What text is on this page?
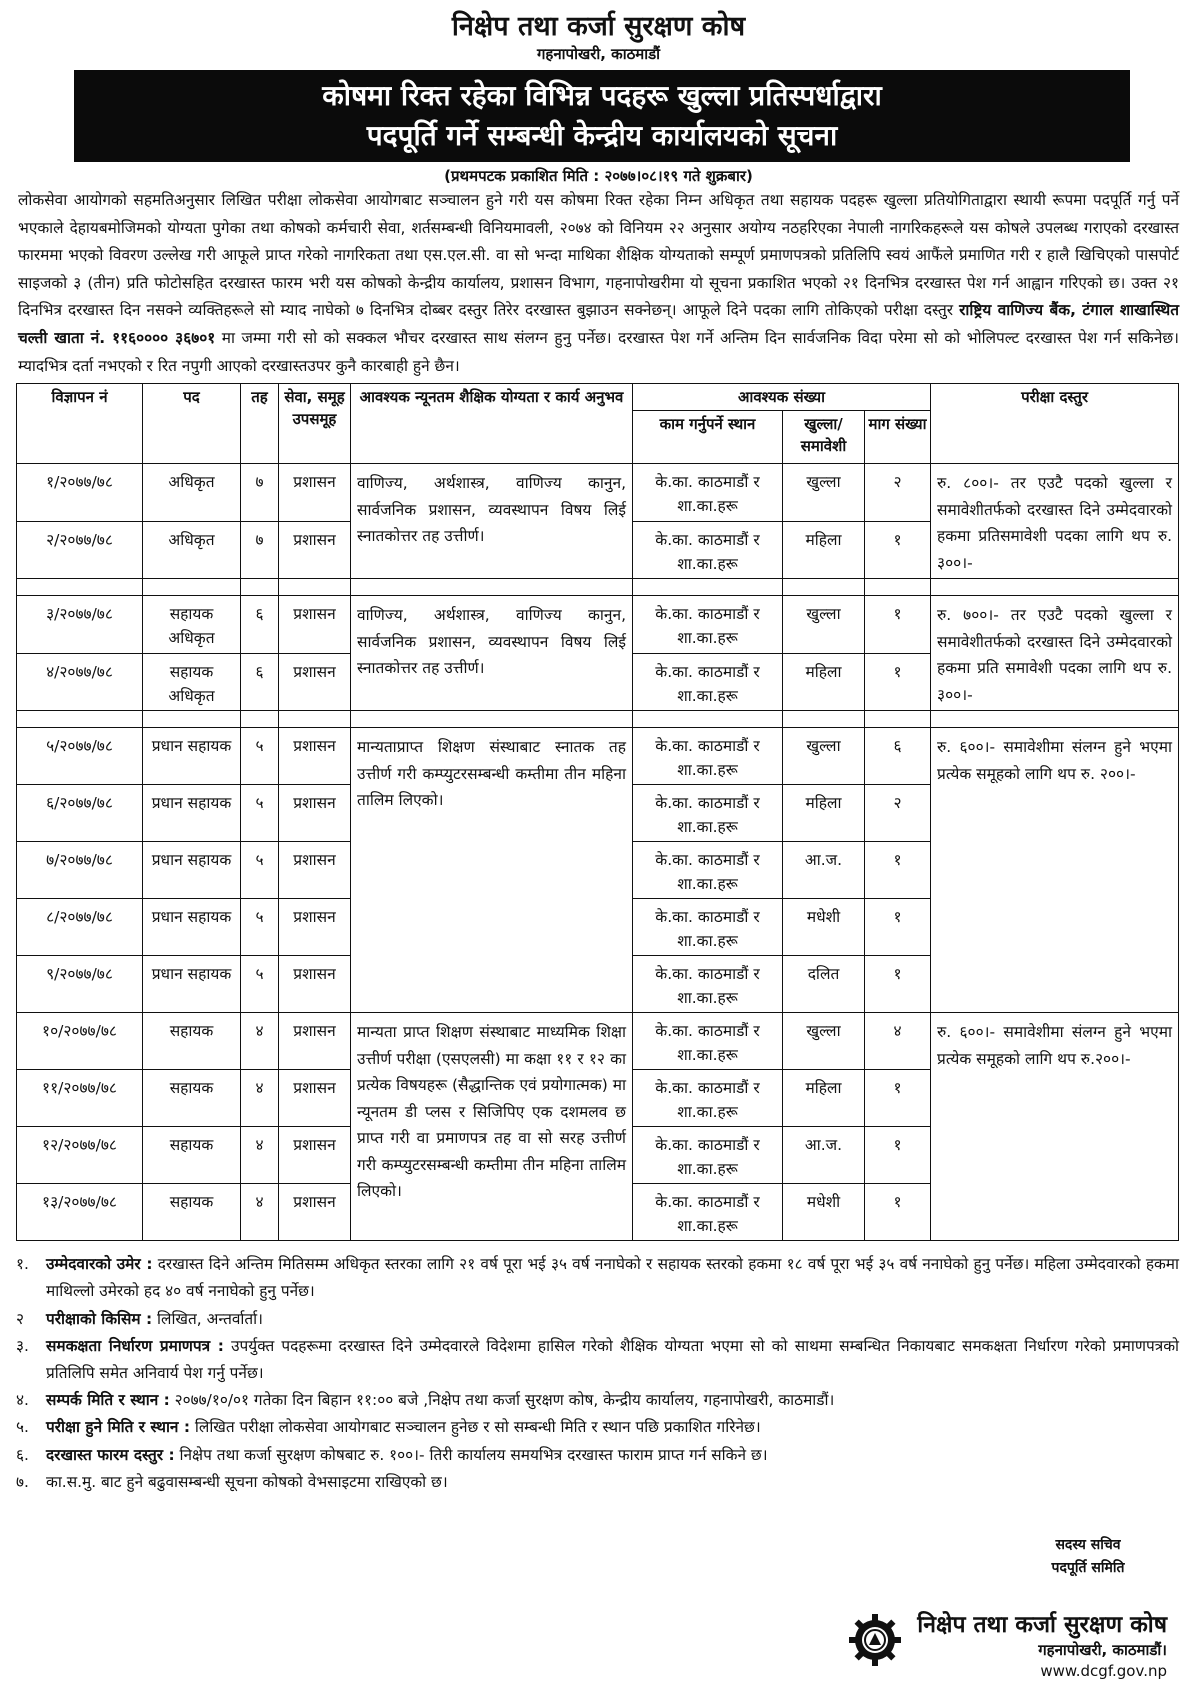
निक्षेप तथा कर्जा सुरक्षण कोष
गहनापोखरी, काठमाडौं
कोषमा रिक्त रहेका विभिन्न पदहरू खुल्ला प्रतिस्पर्धाद्वारा
पदपूर्ति गर्ने सम्बन्धी केन्द्रीय कार्यालयको सूचना
(प्रथमपटक प्रकाशित मिति : २०७७।०८।१९ गते शुक्रबार)
लोकसेवा आयोगको सहमतिअनुसार लिखित परीक्षा लोकसेवा आयोगबाट सञ्चालन हुने गरी यस कोषमा रिक्त रहेका निम्न अधिकृत तथा सहायक पदहरू खुल्ला प्रतियोगिताद्वारा स्थायी रूपमा पदपूर्ति गर्नु पर्ने भएकाले देहायबमोजिमको योग्यता पुगेका तथा कोषको कर्मचारी सेवा, शर्तसम्बन्धी विनियमावली, २०७४ को विनियम २२ अनुसार अयोग्य नठहरिएका नेपाली नागरिकहरूले यस कोषले उपलब्ध गराएको दरखास्त फारममा भएको विवरण उल्लेख गरी आफूले प्राप्त गरेको नागरिकता तथा एस.एल.सी. वा सो भन्दा माथिका शैक्षिक योग्यताको सम्पूर्ण प्रमाणपत्रको प्रतिलिपि स्वयं आफैंले प्रमाणित गरी र हालै खिचिएको पासपोर्ट साइजको ३ (तीन) प्रति फोटोसहित दरखास्त फारम भरी यस कोषको केन्द्रीय कार्यालय, प्रशासन विभाग, गहनापोखरीमा यो सूचना प्रकाशित भएको २१ दिनभित्र दरखास्त पेश गर्न आह्वान गरिएको छ। उक्त २१ दिनभित्र दरखास्त दिन नसक्ने व्यक्तिहरूले सो म्याद नाघेको ७ दिनभित्र दोब्बर दस्तुर तिरेर दरखास्त बुझाउन सक्नेछन्। आफूले दिने पदका लागि तोकिएको परीक्षा दस्तुर राष्ट्रिय वाणिज्य बैंक, टंगाल शाखास्थित चल्ती खाता नं. ११६०००० ३६७०१ मा जम्मा गरी सो को सक्कल भौचर दरखास्त साथ संलग्न हुनु पर्नेछ। दरखास्त पेश गर्ने अन्तिम दिन सार्वजनिक विदा परेमा सो को भोलिपल्ट दरखास्त पेश गर्न सकिनेछ। म्यादभित्र दर्ता नभएको र रित नपुगी आएको दरखास्तउपर कुनै कारबाही हुने छैन।
विज्ञापन नं	पद	तह	सेवा, समूह उपसमूह	आवश्यक न्यूनतम शैक्षिक योग्यता र कार्य अनुभव	आवश्यक संख्या			परीक्षा दस्तुर
					काम गर्नुपर्ने स्थान	खुल्ला/ समावेशी	माग संख्या	
१/२०७७/७८	अधिकृत	७	प्रशासन	वाणिज्य, अर्थशास्त्र, वाणिज्य कानुन, सार्वजनिक प्रशासन, व्यवस्थापन विषय लिई स्नातकोत्तर तह उत्तीर्ण।	के.का. काठमाडौं र शा.का.हरू	खुल्ला	२	रु. ८००।- तर एउटै पदको खुल्ला र समावेशीतर्फको दरखास्त दिने उम्मेदवारको हकमा प्रतिसमावेशी पदका लागि थप रु. ३००।-
२/२०७७/७८	अधिकृत	७	प्रशासन		के.का. काठमाडौं र शा.का.हरू	महिला	१	

३/२०७७/७८	सहायक अधिकृत	६	प्रशासन	वाणिज्य, अर्थशास्त्र, वाणिज्य कानुन, सार्वजनिक प्रशासन, व्यवस्थापन विषय लिई स्नातकोत्तर तह उत्तीर्ण।	के.का. काठमाडौं र शा.का.हरू	खुल्ला	१	रु. ७००।- तर एउटै पदको खुल्ला र समावेशीतर्फको दरखास्त दिने उम्मेदवारको हकमा प्रति समावेशी पदका लागि थप रु. ३००।-
४/२०७७/७८	सहायक अधिकृत	६	प्रशासन		के.का. काठमाडौं र शा.का.हरू	महिला	१	

५/२०७७/७८	प्रधान सहायक	५	प्रशासन	मान्यताप्राप्त शिक्षण संस्थाबाट स्नातक तह उत्तीर्ण गरी कम्प्युटरसम्बन्धी कम्तीमा तीन महिना तालिम लिएको।	के.का. काठमाडौं र शा.का.हरू	खुल्ला	६	रु. ६००।- समावेशीमा संलग्न हुने भएमा प्रत्येक समूहको लागि थप रु. २००।-
६/२०७७/७८	प्रधान सहायक	५	प्रशासन		के.का. काठमाडौं र शा.का.हरू	महिला	२	
७/२०७७/७८	प्रधान सहायक	५	प्रशासन		के.का. काठमाडौं र शा.का.हरू	आ.ज.	१	
८/२०७७/७८	प्रधान सहायक	५	प्रशासन		के.का. काठमाडौं र शा.का.हरू	मधेशी	१	
९/२०७७/७८	प्रधान सहायक	५	प्रशासन		के.का. काठमाडौं र शा.का.हरू	दलित	१	
१०/२०७७/७८	सहायक	४	प्रशासन	मान्यता प्राप्त शिक्षण संस्थाबाट माध्यमिक शिक्षा उत्तीर्ण परीक्षा (एसएलसी) मा कक्षा ११ र १२ का प्रत्येक विषयहरू (सैद्धान्तिक एवं प्रयोगात्मक) मा न्यूनतम डी प्लस र सिजिपिए एक दशमलव छ प्राप्त गरी वा प्रमाणपत्र तह वा सो सरह उत्तीर्ण गरी कम्प्युटरसम्बन्धी कम्तीमा तीन महिना तालिम लिएको।	के.का. काठमाडौं र शा.का.हरू	खुल्ला	४	रु. ६००।- समावेशीमा संलग्न हुने भएमा प्रत्येक समूहको लागि थप रु.२००।-
११/२०७७/७८	सहायक	४	प्रशासन		के.का. काठमाडौं र शा.का.हरू	महिला	१	
१२/२०७७/७८	सहायक	४	प्रशासन		के.का. काठमाडौं र शा.का.हरू	आ.ज.	१	
१३/२०७७/७८	सहायक	४	प्रशासन		के.का. काठमाडौं र शा.का.हरू	मधेशी	१	
१.	उम्मेदवारको उमेर : दरखास्त दिने अन्तिम मितिसम्म अधिकृत स्तरका लागि २१ वर्ष पूरा भई ३५ वर्ष ननाघेको र सहायक स्तरको हकमा १८ वर्ष पूरा भई ३५ वर्ष ननाघेको हुनु पर्नेछ। महिला उम्मेदवारको हकमा माथिल्लो उमेरको हद ४० वर्ष ननाघेको हुनु पर्नेछ।
२	परीक्षाको किसिम : लिखित, अन्तर्वार्ता।
३.	समकक्षता निर्धारण प्रमाणपत्र : उपर्युक्त पदहरूमा दरखास्त दिने उम्मेदवारले विदेशमा हासिल गरेको शैक्षिक योग्यता भएमा सो को साथमा सम्बन्धित निकायबाट समकक्षता निर्धारण गरेको प्रमाणपत्रको प्रतिलिपि समेत अनिवार्य पेश गर्नु पर्नेछ।
४.	सम्पर्क मिति र स्थान : २०७७/१०/०१ गतेका दिन बिहान ११:०० बजे ,निक्षेप तथा कर्जा सुरक्षण कोष, केन्द्रीय कार्यालय, गहनापोखरी, काठमाडौं।
५.	परीक्षा हुने मिति र स्थान : लिखित परीक्षा लोकसेवा आयोगबाट सञ्चालन हुनेछ र सो सम्बन्धी मिति र स्थान पछि प्रकाशित गरिनेछ।
६.	दरखास्त फारम दस्तुर : निक्षेप तथा कर्जा सुरक्षण कोषबाट रु. १००।- तिरी कार्यालय समयभित्र दरखास्त फाराम प्राप्त गर्न सकिने छ।
७.	का.स.मु. बाट हुने बढुवासम्बन्धी सूचना कोषको वेभसाइटमा राखिएको छ।
सदस्य सचिव
पदपूर्ति समिति
निक्षेप तथा कर्जा सुरक्षण कोष
गहनापोखरी, काठमाडौं।
www.dcgf.gov.np
